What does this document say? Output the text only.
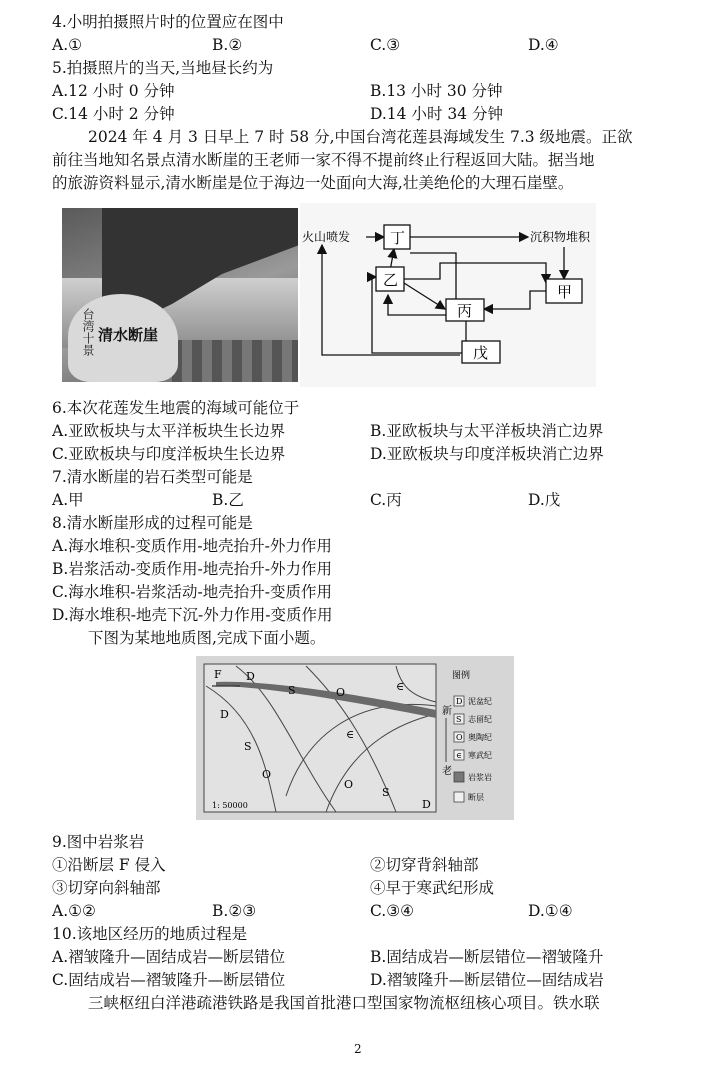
4.小明拍摄照片时的位置应在图中
A.①	B.②	C.③	D.④
5.拍摄照片的当天,当地昼长约为
A.12 小时 0 分钟	B.13 小时 30 分钟
C.14 小时 2 分钟	D.14 小时 34 分钟
2024 年 4 月 3 日早上 7 时 58 分,中国台湾花莲县海域发生 7.3 级地震。正欲
前往当地知名景点清水断崖的王老师一家不得不提前终止行程返回大陆。据当地
的旅游资料显示,清水断崖是位于海边一处面向大海,壮美绝伦的大理石崖壁。
台湾十景 清水断崖
火山喷发	沉积物堆积
丁
乙
丙
甲
戊
6.本次花莲发生地震的海域可能位于
A.亚欧板块与太平洋板块生长边界	B.亚欧板块与太平洋板块消亡边界
C.亚欧板块与印度洋板块生长边界	D.亚欧板块与印度洋板块消亡边界
7.清水断崖的岩石类型可能是
A.甲	B.乙	C.丙	D.戊
8.清水断崖形成的过程可能是
A.海水堆积-变质作用-地壳抬升-外力作用
B.岩浆活动-变质作用-地壳抬升-外力作用
C.海水堆积-岩浆活动-地壳抬升-变质作用
D.海水堆积-地壳下沉-外力作用-变质作用
下图为某地地质图,完成下面小题。
F D
S	O	∈
D
S
∈
O
O
S
D
1: 50000
新
老
图例
D
S
O
∈
泥盆纪
志留纪
奥陶纪
寒武纪
岩浆岩
断层
9.图中岩浆岩
①沿断层 F 侵入	②切穿背斜轴部
③切穿向斜轴部	④早于寒武纪形成
A.①②	B.②③	C.③④	D.①④
10.该地区经历的地质过程是
A.褶皱隆升—固结成岩—断层错位	B.固结成岩—断层错位—褶皱隆升
C.固结成岩—褶皱隆升—断层错位	D.褶皱隆升—断层错位—固结成岩
三峡枢纽白洋港疏港铁路是我国首批港口型国家物流枢纽核心项目。铁水联
2
